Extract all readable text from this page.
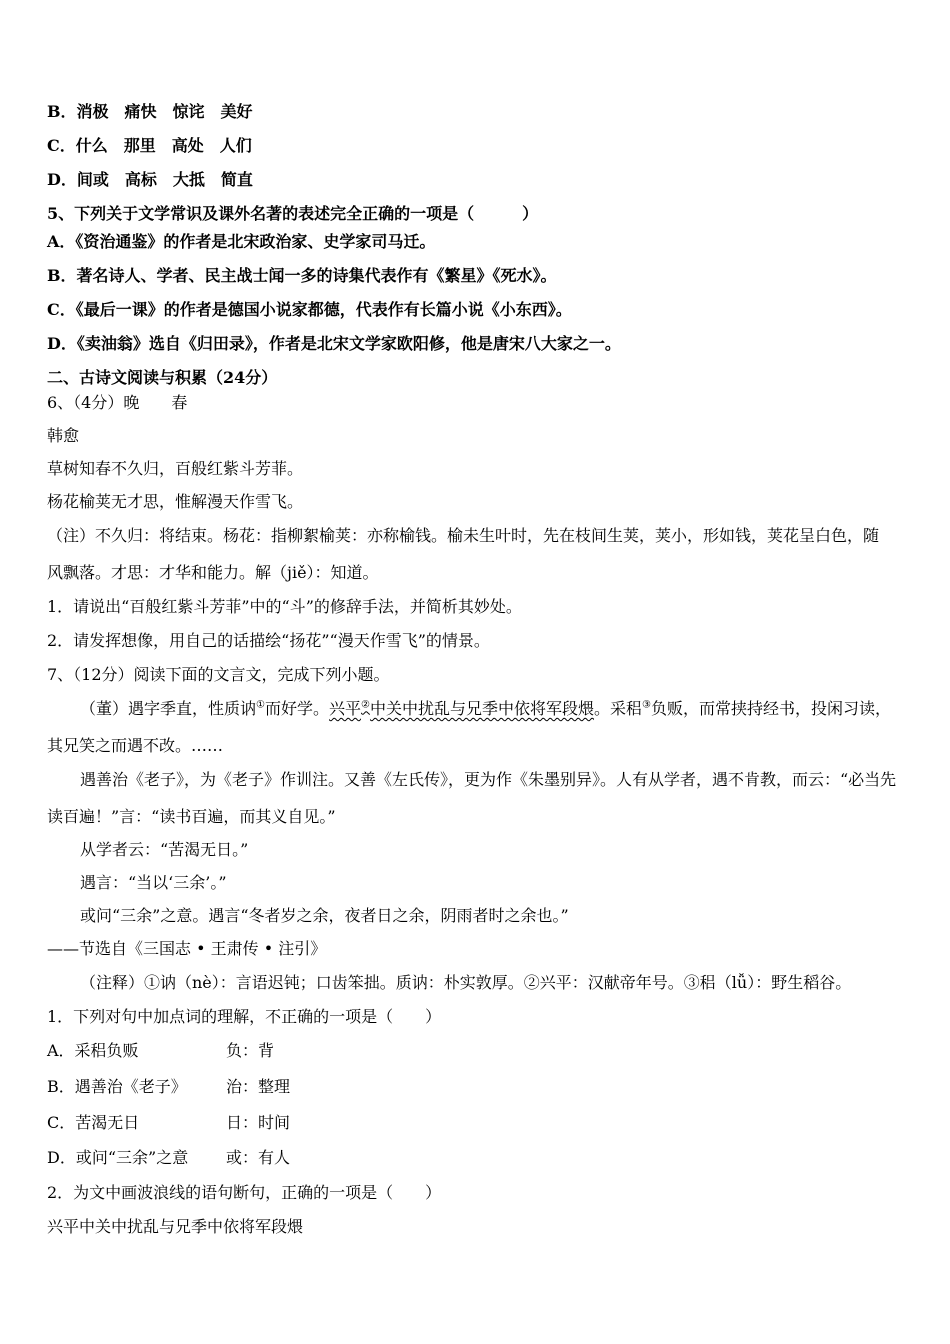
B．消极　痛快　惊诧　美好
C．什么　那里　高处　人们
D．间或　高标　大抵　简直
5、下列关于文学常识及课外名著的表述完全正确的一项是（　　　）
A．《资治通鉴》的作者是北宋政治家、史学家司马迁。
B．著名诗人、学者、民主战士闻一多的诗集代表作有《繁星》《死水》。
C．《最后一课》的作者是德国小说家都德，代表作有长篇小说《小东西》。
D．《卖油翁》选自《归田录》，作者是北宋文学家欧阳修，他是唐宋八大家之一。
二、古诗文阅读与积累（24分）
6、（4分）晚　　春
韩愈
草树知春不久归，百般红紫斗芳菲。
杨花榆荚无才思，惟解漫天作雪飞。
（注）不久归：将结束。杨花：指柳絮榆荚：亦称榆钱。榆未生叶时，先在枝间生荚，荚小，形如钱，荚花呈白色，随
风飘落。才思：才华和能力。解（jiě）：知道。
1．请说出“百般红紫斗芳菲”中的“斗”的修辞手法，并简析其妙处。
2．请发挥想像，用自己的话描绘“扬花”“漫天作雪飞”的情景。
7、（12分）阅读下面的文言文，完成下列小题。
（董）遇字季直，性质讷①而好学。兴平②中关中扰乱与兄季中依将军段煨。采稆③负贩，而常挟持经书，投闲习读，
其兄笑之而遇不改。……
遇善治《老子》，为《老子》作训注。又善《左氏传》，更为作《朱墨别异》。人有从学者，遇不肯教，而云：“必当先
读百遍！”言：“读书百遍，而其义自见。”
从学者云：“苦渴无日。”
遇言：“当以‘三余’。”
或问“三余”之意。遇言“冬者岁之余，夜者日之余，阴雨者时之余也。”
——节选自《三国志 • 王肃传 • 注引》
（注释）①讷（nè）：言语迟钝；口齿笨拙。质讷：朴实敦厚。②兴平：汉献帝年号。③稆（lǚ）：野生稻谷。
1．下列对句中加点词的理解，不正确的一项是（　　）
A．采稆负贩	负：背
B．遇善治《老子》 治：整理
C．苦渴无日	日：时间
D．或问“三余”之意 或：有人
2．为文中画波浪线的语句断句，正确的一项是（　　）
兴平中关中扰乱与兄季中依将军段煨
